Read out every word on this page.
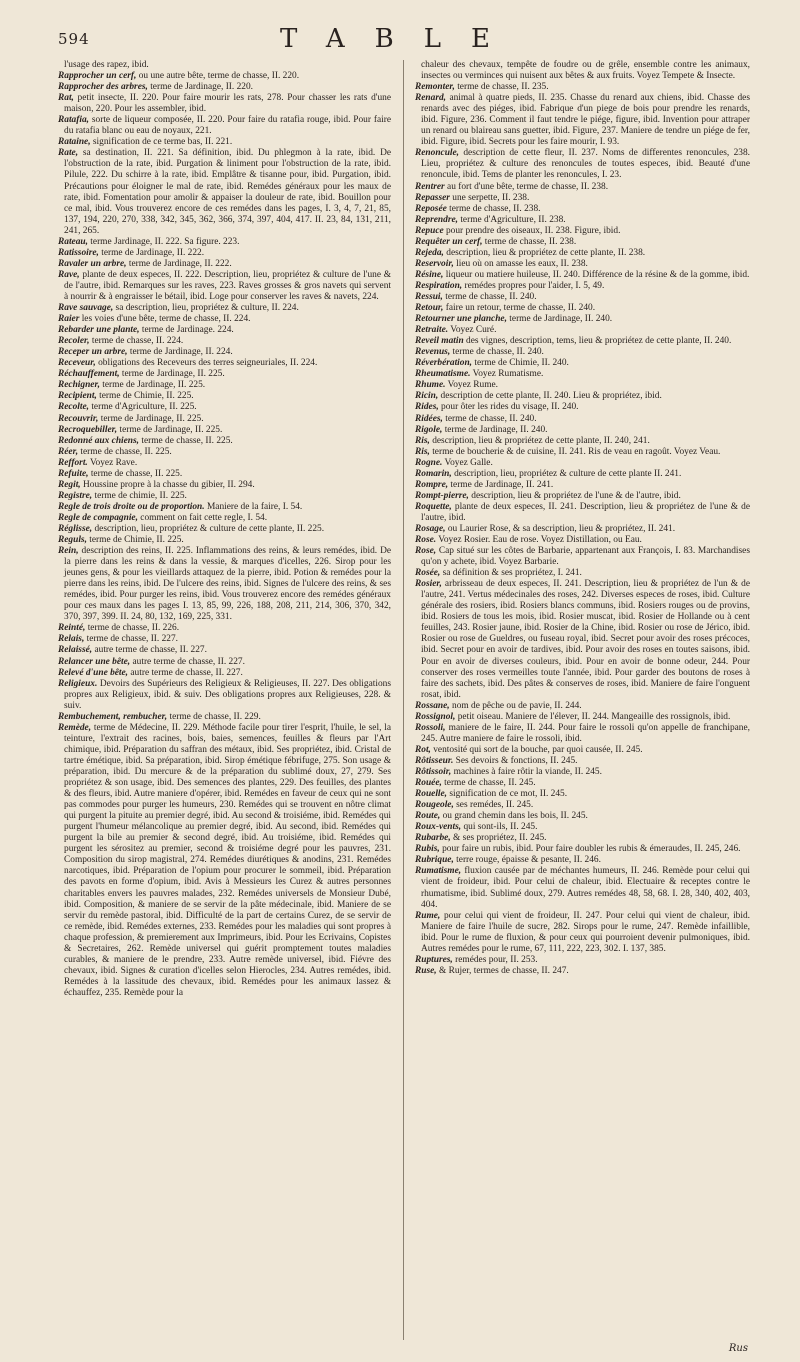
594	TABLE

l'usage des rapez, ibid.

Rapprocher un cerf, ou une autre bête, terme de chasse, II. 220.

Rapprocher des arbres, terme de Jardinage, II. 220.

Rat, petit insecte, II. 220. Pour faire mourir les rats, 278. Pour chasser les rats d'une maison, 220. Pour les assembler, ibid.

Ratafia, sorte de liqueur composée, II. 220. Pour faire du ratafia rouge, ibid. Pour faire du ratafia blanc ou eau de noyaux, 221.

Rataine, signification de ce terme bas, II. 221.

Rate, sa destination, II. 221. Sa définition, ibid. Du phlegmon à la rate, ibid. De l'obstruction de la rate, ibid. Purgation & liniment pour l'obstruction de la rate, ibid. Pilule, 222. Du schirre à la rate, ibid. Emplâtre & tisanne pour, ibid. Purgation, ibid. Précautions pour éloigner le mal de rate, ibid. Remédes généraux pour les maux de rate, ibid. Fomentation pour amolir & appaiser la douleur de rate, ibid. Bouillon pour ce mal, ibid. Vous trouverez encore de ces remédes dans les pages, I. 3, 4, 7, 21, 85, 137, 194, 220, 270, 338, 342, 345, 362, 366, 374, 397, 404, 417. II. 23, 84, 131, 211, 241, 265.

Rateau, terme Jardinage, II. 222. Sa figure. 223.

Ratissoire, terme de Jardinage, II. 222.

Ravaler un arbre, terme de Jardinage, II. 222.

Rave, plante de deux especes, II. 222. Description, lieu, propriétez & culture de l'une & de l'autre, ibid. Remarques sur les raves, 223. Raves grosses & gros navets qui servent à nourrir & à engraisser le bétail, ibid. Loge pour conserver les raves & navets, 224.

Rave sauvage, sa description, lieu, propriétez & culture, II. 224.

Raier les voies d'une bête, terme de chasse, II. 224.

Rebarder une plante, terme de Jardinage. 224.

Recoler, terme de chasse, II. 224.

Receper un arbre, terme de Jardinage, II. 224.

Receveur, obligations des Receveurs des terres seigneuriales, II. 224.

Réchauffement, terme de Jardinage, II. 225.

Rechigner, terme de Jardinage, II. 225.

Recipient, terme de Chimie, II. 225.

Recolte, terme d'Agriculture, II. 225.

Recouvrir, terme de Jardinage, II. 225.

Recroquebiller, terme de Jardinage, II. 225.

Redonné aux chiens, terme de chasse, II. 225.

Réer, terme de chasse, II. 225.

Reffort. Voyez Rave.

Refuite, terme de chasse, II. 225.

Regit, Houssine propre à la chasse du gibier, II. 294.

Registre, terme de chimie, II. 225.

Regle de trois droite ou de proportion. Maniere de la faire, I. 54.

Regle de compagnie, comment on fait cette regle, I. 54.

Réglisse, description, lieu, propriétez & culture de cette plante, II. 225.

Reguls, terme de Chimie, II. 225.

Rein, description des reins, II. 225. Inflammations des reins, & leurs remédes, ibid. De la pierre dans les reins & dans la vessie, & marques d'icelles, 226. Sirop pour les jeunes gens, & pour les vieillards attaquez de la pierre, ibid. Potion & remédes pour la pierre dans les reins, ibid. De l'ulcere des reins, ibid. Signes de l'ulcere des reins, & ses remédes, ibid. Pour purger les reins, ibid. Vous trouverez encore des remédes généraux pour ces maux dans les pages I. 13, 85, 99, 226, 188, 208, 211, 214, 306, 370, 342, 370, 397, 399. II. 24, 80, 132, 169, 225, 331.

Reinté, terme de chasse, II. 226.

Relais, terme de chasse, II. 227.

Relaissé, autre terme de chasse, II. 227.

Relancer une bête, autre terme de chasse, II. 227.

Relevé d'une bête, autre terme de chasse, II. 227.

Religieux. Devoirs des Supérieurs des Religieux & Religieuses, II. 227. Des obligations propres aux Religieux, ibid. & suiv. Des obligations propres aux Religieuses, 228. & suiv.

Rembuchement, rembucher, terme de chasse, II. 229.

Remède, terme de Médecine, II. 229. Méthode facile pour tirer l'esprit, l'huile, le sel, la teinture, l'extrait des racines, bois, baies, semences, feuilles & fleurs par l'Art chimique, ibid. Préparation du saffran des métaux, ibid. Ses propriétez, ibid. Cristal de tartre émétique, ibid. Sa préparation, ibid. Sirop émétique fébrifuge, 275. Son usage & préparation, ibid. Du mercure & de la préparation du sublimé doux, 27, 279. Ses propriétez & son usage, ibid. Des semences des plantes, 229. Des feuilles, des plantes & des fleurs, ibid. Autre maniere d'opérer, ibid. Remédes en faveur de ceux qui ne sont pas commodes pour purger les humeurs, 230. Remédes qui se trouvent en nôtre climat qui purgent la pituite au premier degré, ibid. Au second & troisiéme, ibid. Remédes qui purgent l'humeur mélancolique au premier degré, ibid. Au second, ibid. Remédes qui purgent la bile au premier & second degré, ibid. Au troisiéme, ibid. Remédes qui purgent les sérositez au premier, second & troisiéme degré pour les pauvres, 231. Composition du sirop magistral, 274. Remédes diurétiques & anodins, 231. Remédes narcotiques, ibid. Préparation de l'opium pour procurer le sommeil, ibid. Préparation des pavots en forme d'opium, ibid. Avis à Messieurs les Curez & autres personnes charitables envers les pauvres malades, 232. Remédes universels de Monsieur Dubé, ibid. Composition, & maniere de se servir de la pâte médecinale, ibid. Maniere de se servir du remède pastoral, ibid. Difficulté de la part de certains Curez, de se servir de ce remède, ibid. Remédes externes, 233. Remédes pour les maladies qui sont propres à chaque profession, & premierement aux Imprimeurs, ibid. Pour les Ecrivains, Copistes & Secretaires, 262. Remède universel qui guérit promptement toutes maladies curables, & maniere de le prendre, 233. Autre remède universel, ibid. Fiévre des chevaux, ibid. Signes & curation d'icelles selon Hierocles, 234. Autres remédes, ibid. Remédes à la lassitude des chevaux, ibid. Remédes pour les animaux lassez & échauffez, 235. Remède pour la

chaleur des chevaux, tempête de foudre ou de grêle, ensemble contre les animaux, insectes ou verminces qui nuisent aux bêtes & aux fruits. Voyez Tempete & Insecte.

Remonter, terme de chasse, II. 235.

Renard, animal à quatre pieds, II. 235. Chasse du renard aux chiens, ibid. Chasse des renards avec des piéges, ibid. Fabrique d'un piege de bois pour prendre les renards, ibid. Figure, 236. Comment il faut tendre le piége, figure, ibid. Invention pour attraper un renard ou blaireau sans guetter, ibid. Figure, 237. Maniere de tendre un piége de fer, ibid. Figure, ibid. Secrets pour les faire mourir, I. 93.

Renoncule, description de cette fleur, II. 237. Noms de differentes renoncules, 238. Lieu, propriétez & culture des renoncules de toutes especes, ibid. Beauté d'une renoncule, ibid. Tems de planter les renoncules, I. 23.

Rentrer au fort d'une bête, terme de chasse, II. 238.

Repasser une serpette, II. 238.

Reposée terme de chasse, II. 238.

Reprendre, terme d'Agriculture, II. 238.

Repuce pour prendre des oiseaux, II. 238. Figure, ibid.

Requêter un cerf, terme de chasse, II. 238.

Rejeda, description, lieu & propriétez de cette plante, II. 238.

Reservoir, lieu où on amasse les eaux, II. 238.

Résine, liqueur ou matiere huileuse, II. 240. Différence de la résine & de la gomme, ibid.

Respiration, remédes propres pour l'aider, I. 5, 49.

Ressui, terme de chasse, II. 240.

Retour, faire un retour, terme de chasse, II. 240.

Retourner une planche, terme de Jardinage, II. 240.

Retraite. Voyez Curé.

Reveil matin des vignes, description, tems, lieu & propriétez de cette plante, II. 240.

Revenus, terme de chasse, II. 240.

Réverbération, terme de Chimie, II. 240.

Rheumatisme. Voyez Rumatisme.

Rhume. Voyez Rume.

Ricin, description de cette plante, II. 240. Lieu & propriétez, ibid.

Rides, pour ôter les rides du visage, II. 240.

Ridées, terme de chasse, II. 240.

Rigole, terme de Jardinage, II. 240.

Ris, description, lieu & propriétez de cette plante, II. 240, 241.

Ris, terme de boucherie & de cuisine, II. 241. Ris de veau en ragoût. Voyez Veau.

Rogne. Voyez Galle.

Romarin, description, lieu, propriétez & culture de cette plante II. 241.

Rompre, terme de Jardinage, II. 241.

Rompt-pierre, description, lieu & propriétez de l'une & de l'autre, ibid.

Roquette, plante de deux especes, II. 241. Description, lieu & propriétez de l'une & de l'autre, ibid.

Rosage, ou Laurier Rose, & sa description, lieu & propriétez, II. 241.

Rose. Voyez Rosier. Eau de rose. Voyez Distillation, ou Eau.

Rose, Cap situé sur les côtes de Barbarie, appartenant aux François, I. 83. Marchandises qu'on y achete, ibid. Voyez Barbarie.

Rosée, sa définition & ses propriétez, I. 241.

Rosier, arbrisseau de deux especes, II. 241. Description, lieu & propriétez de l'un & de l'autre, 241. Vertus médecinales des roses, 242. Diverses especes de roses, ibid. Culture générale des rosiers, ibid. Rosiers blancs communs, ibid. Rosiers rouges ou de provins, ibid. Rosiers de tous les mois, ibid. Rosier muscat, ibid. Rosier de Hollande ou à cent feuilles, 243. Rosier jaune, ibid. Rosier de la Chine, ibid. Rosier ou rose de Jérico, ibid. Rosier ou rose de Gueldres, ou fuseau royal, ibid. Secret pour avoir des roses précoces, ibid. Secret pour en avoir de tardives, ibid. Pour avoir des roses en toutes saisons, ibid. Pour en avoir de diverses couleurs, ibid. Pour en avoir de bonne odeur, 244. Pour conserver des roses vermeilles toute l'année, ibid. Pour garder des boutons de roses à faire des sachets, ibid. Des pâtes & conserves de roses, ibid. Maniere de faire l'onguent rosat, ibid.

Rossane, nom de pêche ou de pavie, II. 244.

Rossignol, petit oiseau. Maniere de l'élever, II. 244. Mangeaille des rossignols, ibid.

Rossoli, maniere de le faire, II. 244. Pour faire le rossoli qu'on appelle de franchipane, 245. Autre maniere de faire le rossoli, ibid.

Rot, ventosité qui sort de la bouche, par quoi causée, II. 245.

Rôtisseur. Ses devoirs & fonctions, II. 245.

Rôtissoir, machines à faire rôtir la viande, II. 245.

Rouée, terme de chasse, II. 245.

Rouelle, signification de ce mot, II. 245.

Rougeole, ses remédes, II. 245.

Route, ou grand chemin dans les bois, II. 245.

Roux-vents, qui sont-ils, II. 245.

Rubarbe, & ses propriétez, II. 245.

Rubis, pour faire un rubis, ibid. Pour faire doubler les rubis & émeraudes, II. 245, 246.

Rubrique, terre rouge, épaisse & pesante, II. 246.

Rumatisme, fluxion causée par de méchantes humeurs, II. 246. Remède pour celui qui vient de froideur, ibid. Pour celui de chaleur, ibid. Electuaire & receptes contre le rhumatisme, ibid. Sublimé doux, 279. Autres remédes 48, 58, 68. I. 28, 340, 402, 403, 404.

Rume, pour celui qui vient de froideur, II. 247. Pour celui qui vient de chaleur, ibid. Maniere de faire l'huile de sucre, 282. Sirops pour le rume, 247. Remède infaillible, ibid. Pour le rume de fluxion, & pour ceux qui pourroient devenir pulmoniques, ibid. Autres remédes pour le rume, 67, 111, 222, 223, 302. I. 137, 385.

Ruptures, remédes pour, II. 253.

Ruse, & Rujer, termes de chasse, II. 247.

Rus
